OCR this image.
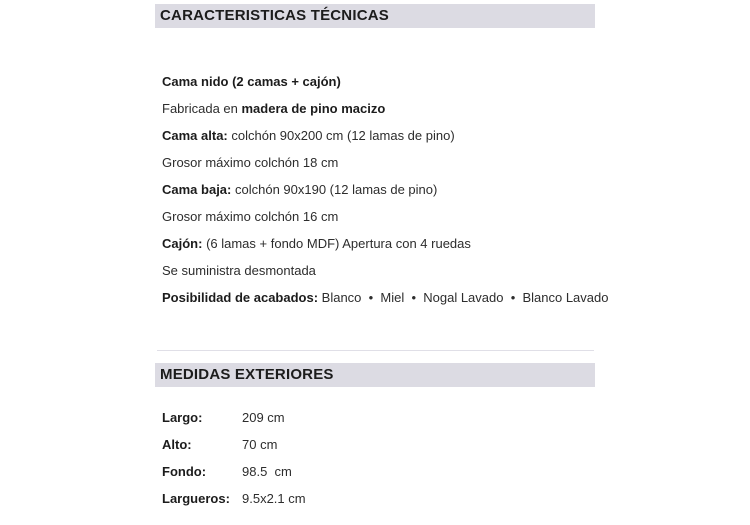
CARACTERISTICAS TÉCNICAS
Cama nido (2 camas + cajón)
Fabricada en madera de pino macizo
Cama alta: colchón 90x200 cm (12 lamas de pino)
Grosor máximo colchón 18 cm
Cama baja: colchón 90x190 (12 lamas de pino)
Grosor máximo colchón 16 cm
Cajón: (6 lamas + fondo MDF) Apertura con 4 ruedas
Se suministra desmontada
Posibilidad de acabados: Blanco  •  Miel  •  Nogal Lavado  •  Blanco Lavado
MEDIDAS EXTERIORES
Largo:	209 cm
Alto:	70 cm
Fondo:	98.5  cm
Largueros: 9.5x2.1 cm
